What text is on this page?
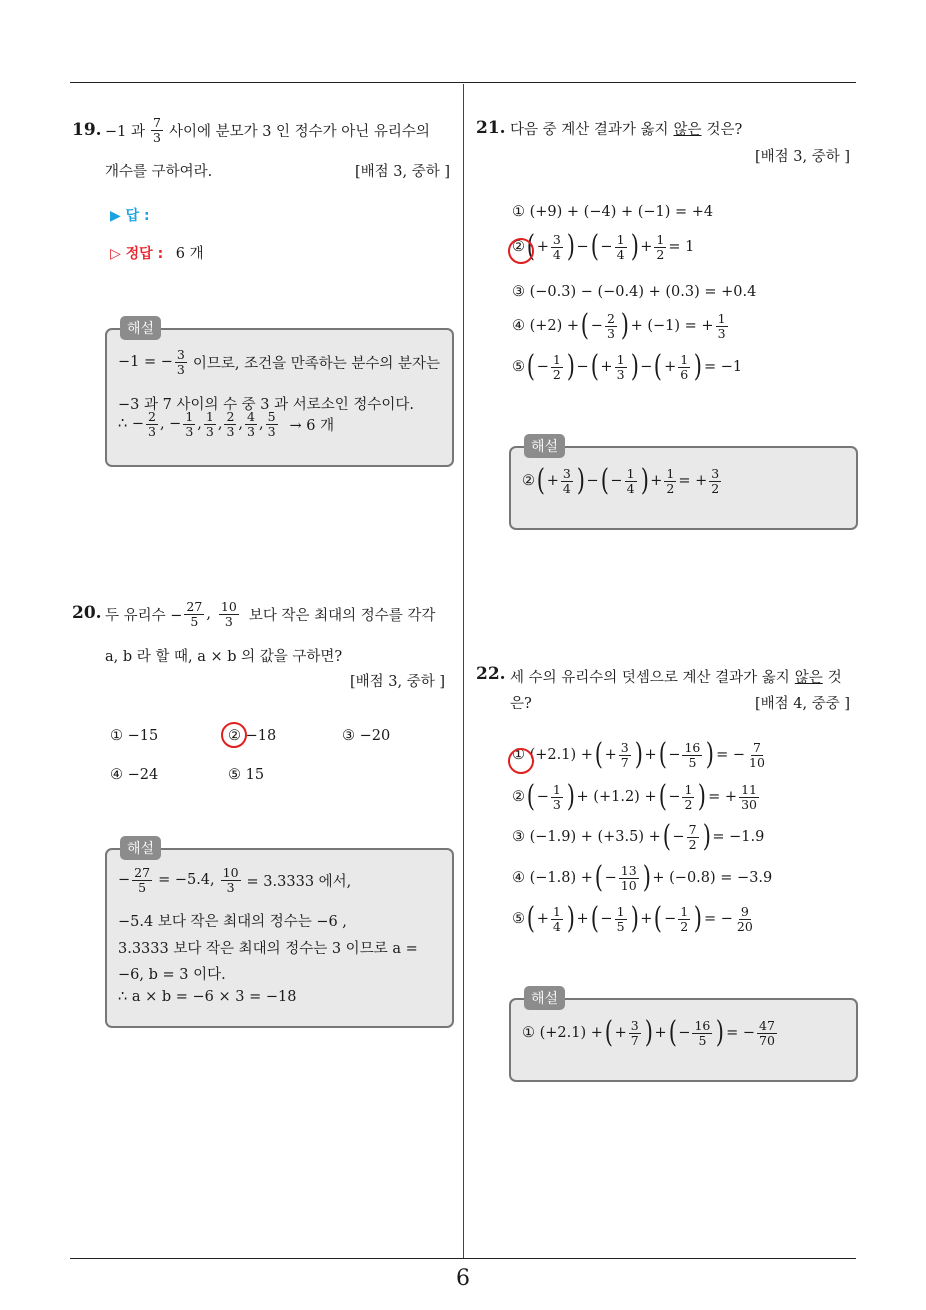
19. −1 과 $\frac{7}{3}$ 사이에 분모가 3 인 정수가 아닌 유리수의
개수를 구하여라.	[배점 3, 중하 ]
▶ 답 :
▷ 정답 : 6 개
해설
−1 = − $\frac{3}{3}$ 이므로, 조건을 만족하는 분수의 분자는
−3 과 7 사이의 수 중 3 과 서로소인 정수이다.
∴ − $\frac{2}{3}$ , − $\frac{1}{3}$ , $\frac{1}{3}$ , $\frac{2}{3}$ , $\frac{4}{3}$ , $\frac{5}{3} \to 6$ 개
20. 두 유리수 − $\frac{27}{5}$ , $\frac{10}{3}$ 보다 작은 최대의 정수를 각각
a, b 라 할 때, a × b 의 값을 구하면?
[배점 3, 중하 ]
① −15	② −18	③ −20
④ −24	⑤ 15
해설
− $\frac{27}{5} = -5.4$, $\frac{10}{3} = 3.3333$ 에서,
−5.4 보다 작은 최대의 정수는 −6 ,
3.3333 보다 작은 최대의 정수는 3 이므로 a =
−6, b = 3 이다.
∴ a × b = −6 × 3 = −18
21. 다음 중 계산 결과가 옳지 않은 것은?
[배점 3, 중하 ]
① (+9) + (−4) + (−1) = +4
② ( + $\frac{3}{4}$ ) − ( − $\frac{1}{4}$ ) + $\frac{1}{2} = 1$
③ (−0.3) − (−0.4) + (0.3) = +0.4
④ (+2) + ( − $\frac{2}{3}$ ) + (−1) = + $\frac{1}{3}$
⑤ ( − $\frac{1}{2}$ ) − ( + $\frac{1}{3}$ ) − ( + $\frac{1}{6}$ ) = −1
해설
② ( + $\frac{3}{4}$ ) − ( − $\frac{1}{4}$ ) + $\frac{1}{2}$ = + $\frac{3}{2}$
22. 세 수의 유리수의 덧셈으로 계산 결과가 옳지 않은 것
은?	[배점 4, 중중 ]
① (+2.1) + ( + $\frac{3}{7}$ ) + ( − $\frac{16}{5}$ ) = − $\frac{7}{10}$
② ( − $\frac{1}{3}$ ) + (+1.2) + ( − $\frac{1}{2}$ ) = + $\frac{11}{30}$
③ (−1.9) + (+3.5) + ( − $\frac{7}{2}$ ) = −1.9
④ (−1.8) + ( − $\frac{13}{10}$ ) + (−0.8) = −3.9
⑤ ( + $\frac{1}{4}$ ) + ( − $\frac{1}{5}$ ) + ( − $\frac{1}{2}$ ) = − $\frac{9}{20}$
해설
① (+2.1) + ( + $\frac{3}{7}$ ) + ( − $\frac{16}{5}$ ) = − $\frac{47}{70}$
6
